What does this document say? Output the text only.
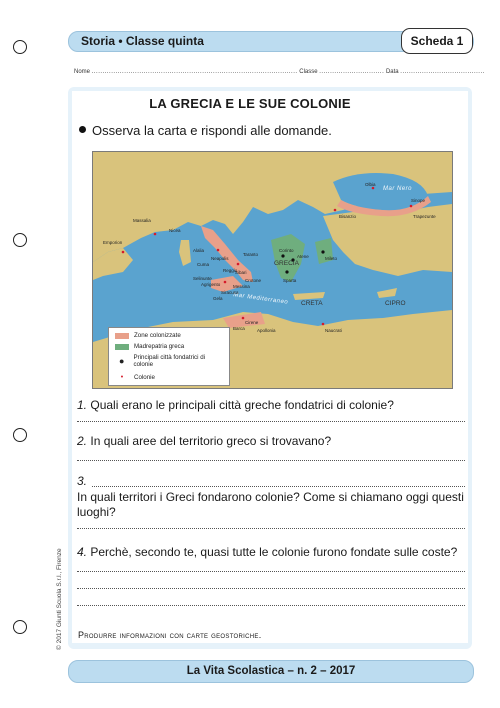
Storia • Classe quinta	Scheda 1
Nome ............................................................................................... Classe .............................. Data .......................................
© 2017 Giunti Scuola S.r.l., Firenze
LA GRECIA E LE SUE COLONIE
Osserva la carta e rispondi alle domande.
Mar Nero
Mar Mediterraneo
GRECIA
CRETA	CIPRO
Massalia
Emporion
Nicea
Alalia
Neapolis
Cuma
Taranto
Sibari
Crotone
Reggio
Messina
Siracusa
Agrigento
Selinunte
Gela
Corinto
Atene
Sparta
Mileto
Bisanzio
Olbia
Sinope
Trapezunte
Cirene
Barca	Naucrati
Apollonia
Zone colonizzate
Madrepatria greca
●	Principali città fondatrici di colonie
•	Colonie
1. Quali erano le principali città greche fondatrici di colonie?
2. In quali aree del territorio greco si trovavano?
3.
In quali territori i Greci fondarono colonie? Come si chiamano oggi questi luoghi?
4. Perchè, secondo te, quasi tutte le colonie furono fondate sulle coste?
Produrre informazioni con carte geostoriche.
La Vita Scolastica – n. 2 – 2017
